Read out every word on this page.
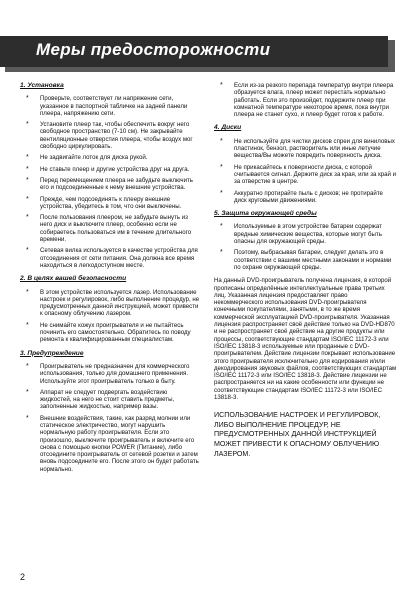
Меры предосторожности

1. Установка

* Проверьте, соответствует ли напряжение сети, указанное в паспортной табличке на задней панели плеера, напряжению сети.
* Установите плеер так, чтобы обеспечить вокруг него свободное пространство (7-10 см). Не закрывайте вентиляционные отверстия плеера, чтобы воздух мог свободно циркулировать.
* Не задвигайте лоток для диска рукой.
* Не ставьте плеер и другие устройства друг на друга.
* Перед перемещением плеера не забудьте выключить его и подсоединенные к нему внешние устройства.
* Прежде, чем подсоединять к плееру внешние устройства, убедитесь в том, что они выключены.
* После пользования плеером, не забудьте вынуть из него диск и выключите плеер, особенно если не собираетесь пользоваться им в течение длительного времени.
* Сетевая вилка используется в качестве устройства для отсоединения от сети питания. Она должна все время находиться в легкодоступном месте.

2. В целях вашей безопасности

* В этом устройстве используется лазер. Использование настроек и регулировок, либо выполнение процедур, не предусмотренных данной инструкцией, может привести к опасному облучению лазером.
* Не снимайте кожух проигрывателя и не пытайтесь починить его самостоятельно. Обратитесь по поводу ремонта к квалифицированным специалистам.

3. Предупреждение

* Проигрыватель не предназначен для коммерческого использования, только для домашнего применения. Используйте этот проигрыватель только в быту.
* Аппарат не следует подвергать воздействию жидкостей, на него не стоит ставить предметы, заполненные жидкостью, например вазы.
* Внешние воздействия, такие, как разряд молнии или статическое электричество, могут нарушить нормальную работу проигрывателя. Если это произошло, выключите проигрыватель и включите его снова с помощью кнопки POWER (Питание), либо отсоедините проигрыватель от сетевой розетки и затем вновь подсоедините его. После этого он будет работать нормально.
* Если из-за резкого перепада температур внутри плеера образуется влага, плеер может перестать нормально работать. Если это произойдет, подержите плеер при комнатной температуре некоторое время, пока внутри плеера не станет сухо, и плеер будет готов к работе.

4. Диски

* Не используйте для чистки дисков спреи для виниловых пластинок, бензол, растворитель или иные летучие вещества/Вы можете повредить поверхность диска.
* Не прикасайтесь к поверхности диска, с которой считывается сигнал. Держите диск за края, или за край и за отверстие в центре.
* Аккуратно протирайте пыль с дисков; не протирайте диск круговыми движениями.

5. Защита окружающей среды

* Используемые в этом устройстве батареи содержат вредные химические вещества, которые могут быть опасны для окружающей среды.
* Поэтому, выбрасывая батареи, следует делать это в соответствии с вашими местными законами и нормами по охране окружающей среды.

На данный DVD-проигрыватель получена лицензия, в которой прописаны определённые интеллектуальные права третьих лиц. Указанная лицензия предоставляет право некоммерческого использования DVD-проигрывателя конечными покупателями, занятыми, в то же время коммерческой эксплуатацией DVD-проигрывателя. Указанная лицензия распространяет своё действие только на DVD-HD870 и не распространяет своё действие на другие продукты или процессы, соответствующие стандартам ISO/IEC 11172-3 или ISO/IEC 13818-3 используемые или проданные с DVD-проигрывателем. Действие лицензии покрывает использование этого проигрывателя исключительно для кодирования и/или декодирования звуковых файлов, соответствующих стандартам ISO/IEC 11172-3 или ISO/IEC 13818-3. Действие лицензии не распространяется ни на какие особенности или функции не соответствующие стандартам ISO/IEC 11172-3 или ISO/IEC 13818-3.

ИСПОЛЬЗОВАНИЕ НАСТРОЕК И РЕГУЛИРОВОК, ЛИБО ВЫПОЛНЕНИЕ ПРОЦЕДУР, НЕ ПРЕДУСМОТРЕННЫХ ДАННОЙ ИНСТРУКЦИЕЙ МОЖЕТ ПРИВЕСТИ К ОПАСНОМУ ОБЛУЧЕНИЮ ЛАЗЕРОМ.

2
